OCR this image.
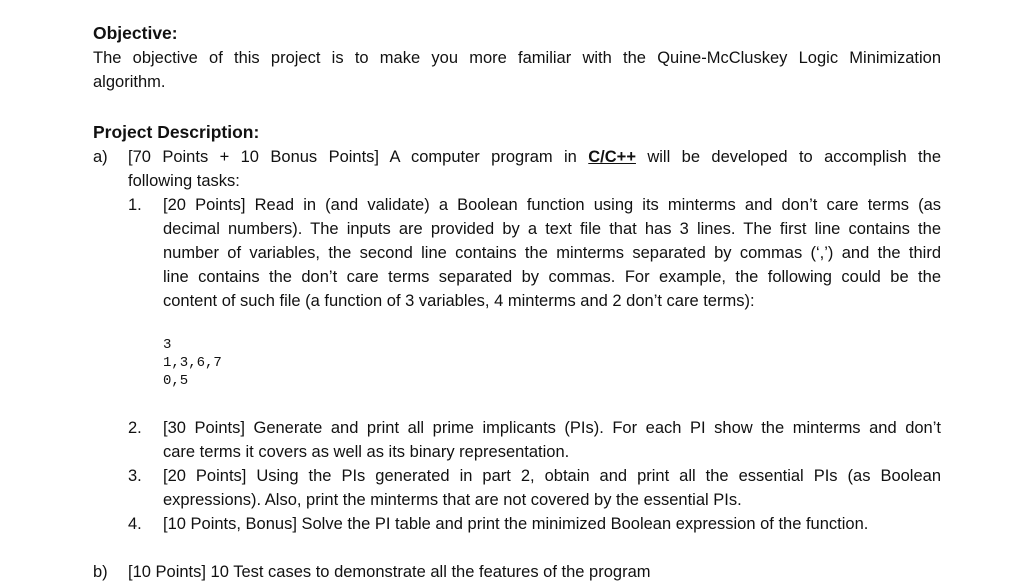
Objective:
The objective of this project is to make you more familiar with the Quine-McCluskey Logic Minimization
algorithm.
Project Description:
a) [70 Points + 10 Bonus Points] A computer program in C/C++ will be developed to accomplish the
following tasks:
1. [20 Points] Read in (and validate) a Boolean function using its minterms and don’t care terms (as
decimal numbers). The inputs are provided by a text file that has 3 lines. The first line contains the
number of variables, the second line contains the minterms separated by commas (‘,’) and the third
line contains the don’t care terms separated by commas. For example, the following could be the
content of such file (a function of 3 variables, 4 minterms and 2 don’t care terms):
3
1,3,6,7
0,5
2. [30 Points] Generate and print all prime implicants (PIs). For each PI show the minterms and don’t
care terms it covers as well as its binary representation.
3. [20 Points] Using the PIs generated in part 2, obtain and print all the essential PIs (as Boolean
expressions). Also, print the minterms that are not covered by the essential PIs.
4. [10 Points, Bonus] Solve the PI table and print the minimized Boolean expression of the function.
b) [10 Points] 10 Test cases to demonstrate all the features of the program
